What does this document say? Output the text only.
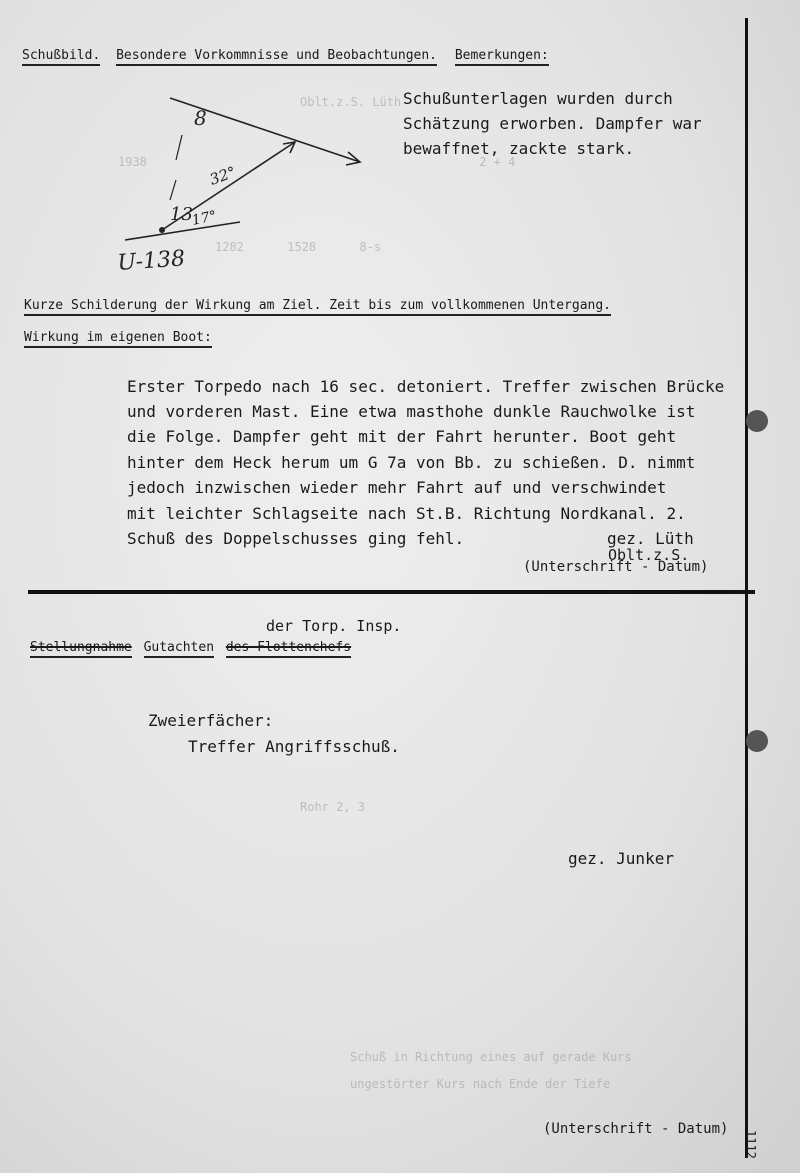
Oblt.z.S. Lüth
1938                                              2 + 4
1282      1528      8-s
Rohr 2, 3
Schuß in Richtung eines auf gerade Kurs
ungestörter Kurs nach Ende der Tiefe
Schußbild. Besondere Vorkommnisse und Beobachtungen. Bemerkungen:
Schußunterlagen wurden durch
Schätzung erworben. Dampfer war
bewaffnet, zackte stark.
8
32°
13
17°
U-138
Kurze Schilderung der Wirkung am Ziel. Zeit bis zum vollkommenen Untergang.
Wirkung im eigenen Boot:
Erster Torpedo nach 16 sec. detoniert. Treffer zwischen Brücke
und vorderen Mast. Eine etwa masthohe dunkle Rauchwolke ist
die Folge. Dampfer geht mit der Fahrt herunter. Boot geht
hinter dem Heck herum um G 7a von Bb. zu schießen. D. nimmt
jedoch inzwischen wieder mehr Fahrt auf und verschwindet
mit leichter Schlagseite nach St.B. Richtung Nordkanal. 2.
Schuß des Doppelschusses ging fehl.	gez. Lüth
Oblt.z.S.
(Unterschrift - Datum)
der Torp. Insp.
Stellungnahme Gutachten des Flottenchefs
Zweierfächer:
Treffer Angriffsschuß.
gez. Junker
(Unterschrift - Datum)
1112
